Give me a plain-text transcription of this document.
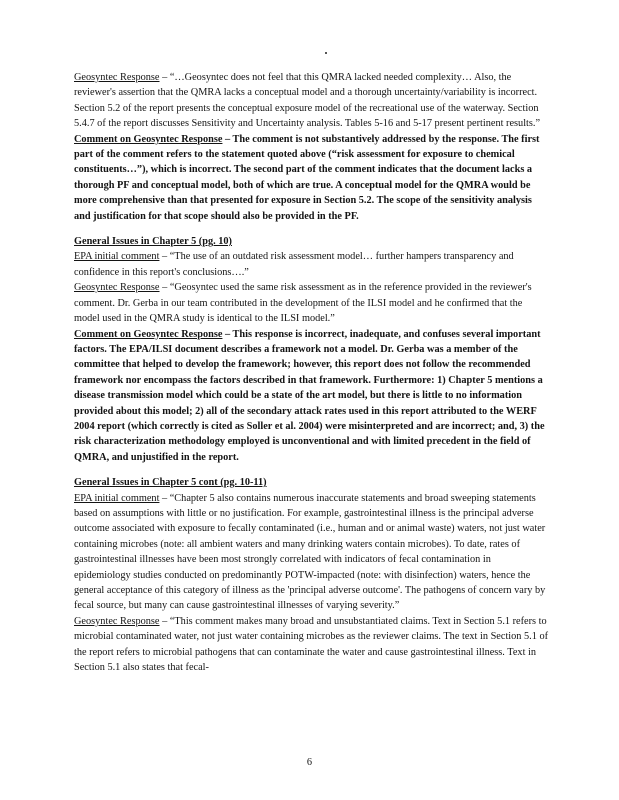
Geosyntec Response – “…Geosyntec does not feel that this QMRA lacked needed complexity… Also, the reviewer's assertion that the QMRA lacks a conceptual model and a thorough uncertainty/variability is incorrect. Section 5.2 of the report presents the conceptual exposure model of the recreational use of the waterway. Section 5.4.7 of the report discusses Sensitivity and Uncertainty analysis. Tables 5-16 and 5-17 present pertinent results.”

Comment on Geosyntec Response – The comment is not substantively addressed by the response. The first part of the comment refers to the statement quoted above (“risk assessment for exposure to chemical constituents…”), which is incorrect. The second part of the comment indicates that the document lacks a thorough PF and conceptual model, both of which are true. A conceptual model for the QMRA would be more comprehensive than that presented for exposure in Section 5.2. The scope of the sensitivity analysis and justification for that scope should also be provided in the PF.

General Issues in Chapter 5 (pg. 10)

EPA initial comment – “The use of an outdated risk assessment model… further hampers transparency and confidence in this report's conclusions….”

Geosyntec Response – “Geosyntec used the same risk assessment as in the reference provided in the reviewer's comment. Dr. Gerba in our team contributed in the development of the ILSI model and he confirmed that the model used in the QMRA study is identical to the ILSI model.”

Comment on Geosyntec Response – This response is incorrect, inadequate, and confuses several important factors. The EPA/ILSI document describes a framework not a model. Dr. Gerba was a member of the committee that helped to develop the framework; however, this report does not follow the recommended framework nor encompass the factors described in that framework. Furthermore: 1) Chapter 5 mentions a disease transmission model which could be a state of the art model, but there is little to no information provided about this model; 2) all of the secondary attack rates used in this report attributed to the WERF 2004 report (which correctly is cited as Soller et al. 2004) were misinterpreted and are incorrect; and, 3) the risk characterization methodology employed is unconventional and with limited precedent in the field of QMRA, and unjustified in the report.

General Issues in Chapter 5 cont (pg. 10-11)

EPA initial comment – “Chapter 5 also contains numerous inaccurate statements and broad sweeping statements based on assumptions with little or no justification. For example, gastrointestinal illness is the principal adverse outcome associated with exposure to fecally contaminated (i.e., human and or animal waste) waters, not just water containing microbes (note: all ambient waters and many drinking waters contain microbes). To date, rates of gastrointestinal illnesses have been most strongly correlated with indicators of fecal contamination in epidemiology studies conducted on predominantly POTW-impacted (note: with disinfection) waters, hence the general acceptance of this category of illness as the 'principal adverse outcome'. The pathogens of concern vary by fecal source, but many can cause gastrointestinal illnesses of varying severity.”

Geosyntec Response – “This comment makes many broad and unsubstantiated claims. Text in Section 5.1 refers to microbial contaminated water, not just water containing microbes as the reviewer claims. The text in Section 5.1 of the report refers to microbial pathogens that can contaminate the water and cause gastrointestinal illness. Text in Section 5.1 also states that fecal-

6
